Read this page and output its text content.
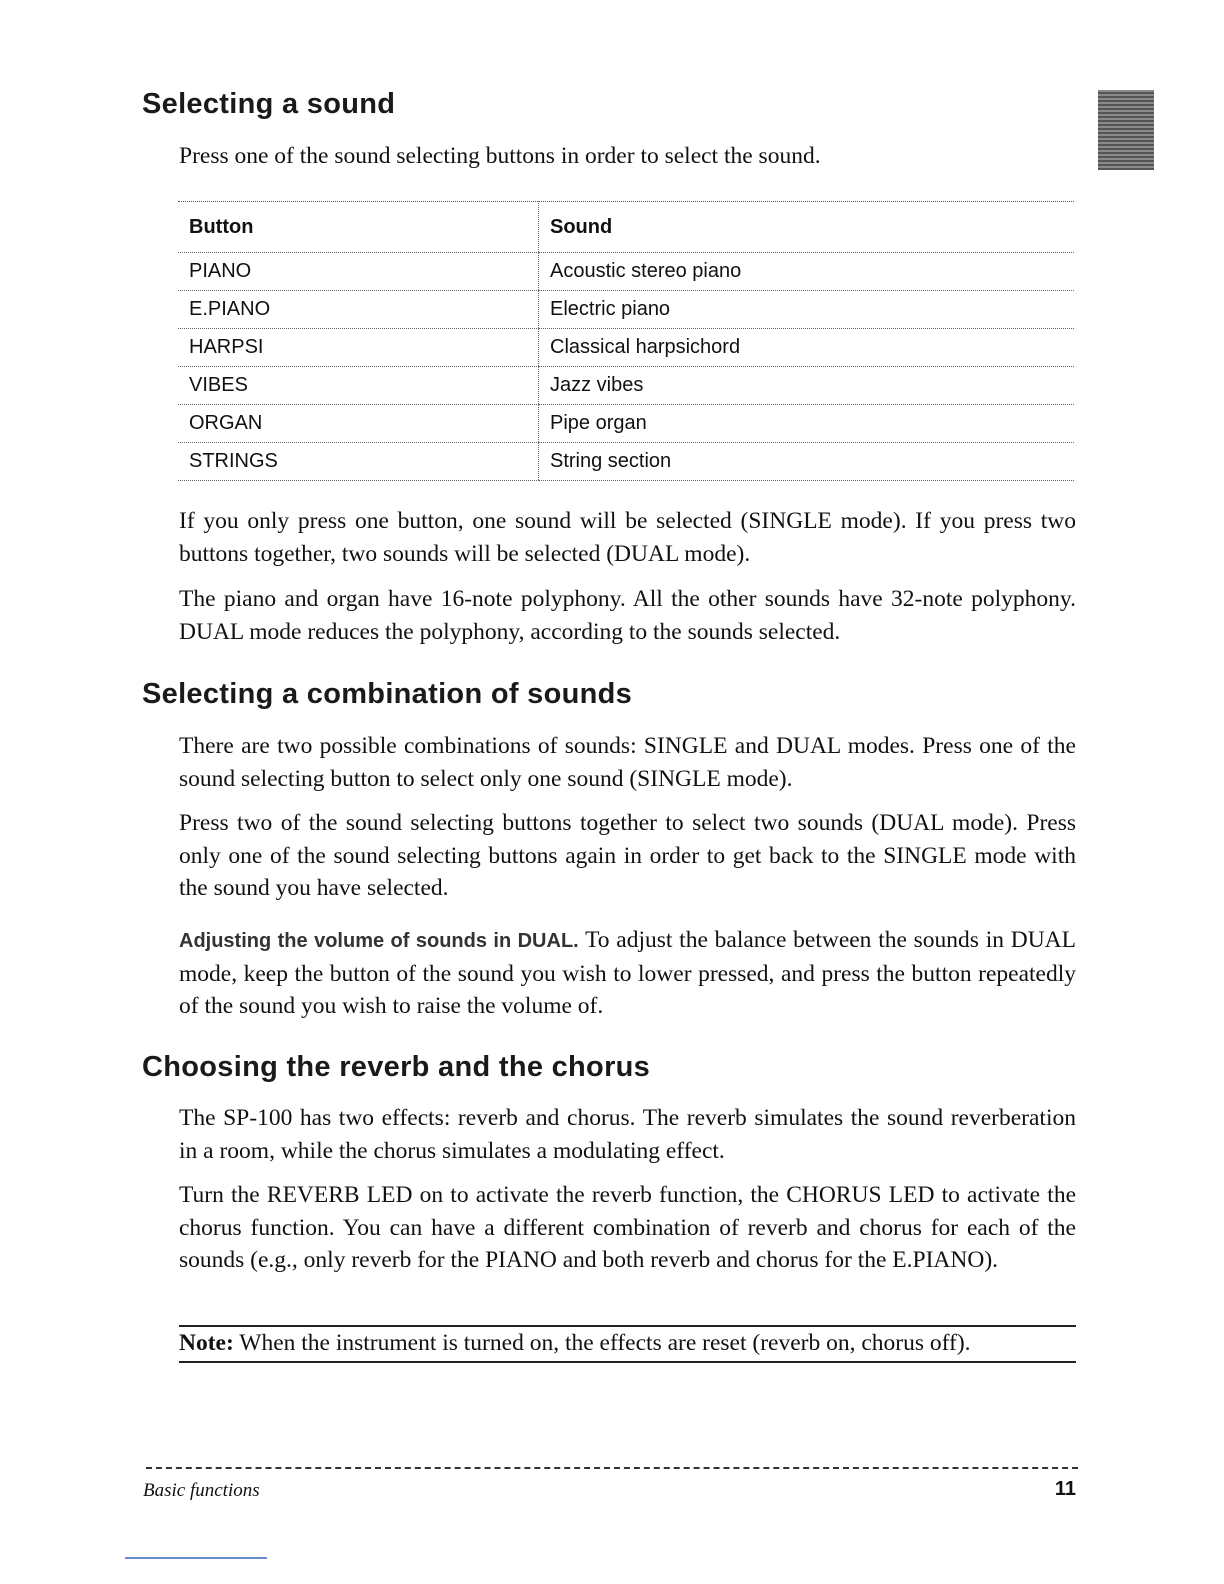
Selecting a sound

Press one of the sound selecting buttons in order to select the sound.

Button	Sound
PIANO	Acoustic stereo piano
E.PIANO	Electric piano
HARPSI	Classical harpsichord
VIBES	Jazz vibes
ORGAN	Pipe organ
STRINGS	String section

If you only press one button, one sound will be selected (SINGLE mode). If you press two buttons together, two sounds will be selected (DUAL mode).

The piano and organ have 16-note polyphony. All the other sounds have 32-note polyphony. DUAL mode reduces the polyphony, according to the sounds selected.

Selecting a combination of sounds

There are two possible combinations of sounds: SINGLE and DUAL modes. Press one of the sound selecting button to select only one sound (SINGLE mode).

Press two of the sound selecting buttons together to select two sounds (DUAL mode). Press only one of the sound selecting buttons again in order to get back to the SINGLE mode with the sound you have selected.

Adjusting the volume of sounds in DUAL. To adjust the balance between the sounds in DUAL mode, keep the button of the sound you wish to lower pressed, and press the button repeatedly of the sound you wish to raise the volume of.

Choosing the reverb and the chorus

The SP-100 has two effects: reverb and chorus. The reverb simulates the sound reverberation in a room, while the chorus simulates a modulating effect.

Turn the REVERB LED on to activate the reverb function, the CHORUS LED to activate the chorus function. You can have a different combination of reverb and chorus for each of the sounds (e.g., only reverb for the PIANO and both reverb and chorus for the E.PIANO).

Note: When the instrument is turned on, the effects are reset (reverb on, chorus off).

Basic functions	11
